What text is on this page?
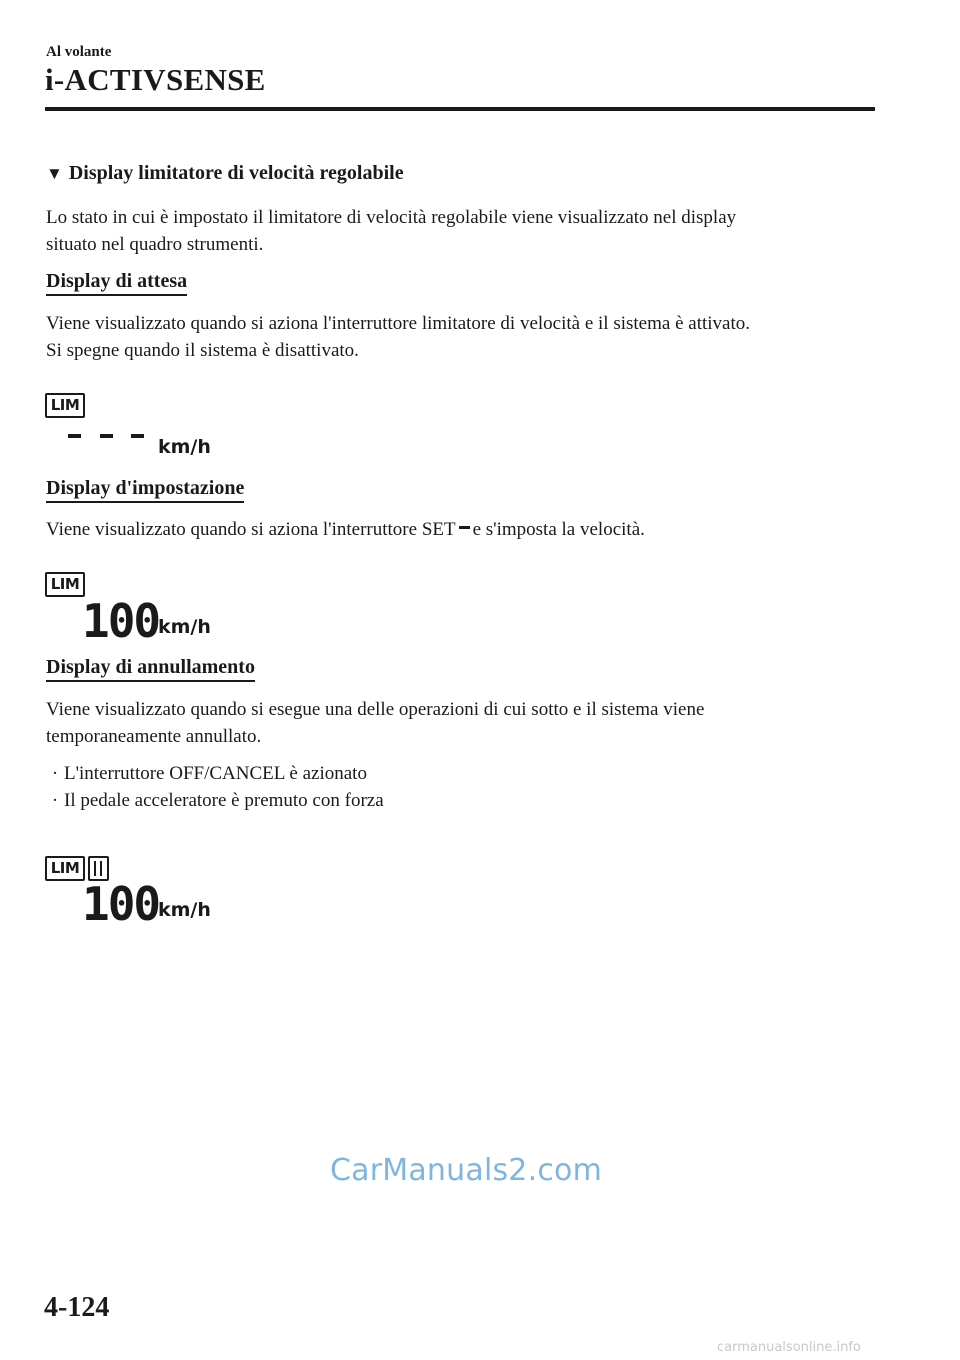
Al volante
i-ACTIVSENSE
▼ Display limitatore di velocità regolabile
Lo stato in cui è impostato il limitatore di velocità regolabile viene visualizzato nel display
situato nel quadro strumenti.
Display di attesa
Viene visualizzato quando si aziona l'interruttore limitatore di velocità e il sistema è attivato.
Si spegne quando il sistema è disattivato.
LIM
km/h
Display d'impostazione
Viene visualizzato quando si aziona l'interruttore SET e s'imposta la velocità.
LIM
100
km/h
Display di annullamento
Viene visualizzato quando si esegue una delle operazioni di cui sotto e il sistema viene
temporaneamente annullato.
· L'interruttore OFF/CANCEL è azionato
· Il pedale acceleratore è premuto con forza
LIM
100
km/h
CarManuals2.com
4-124
carmanualsonline.info
